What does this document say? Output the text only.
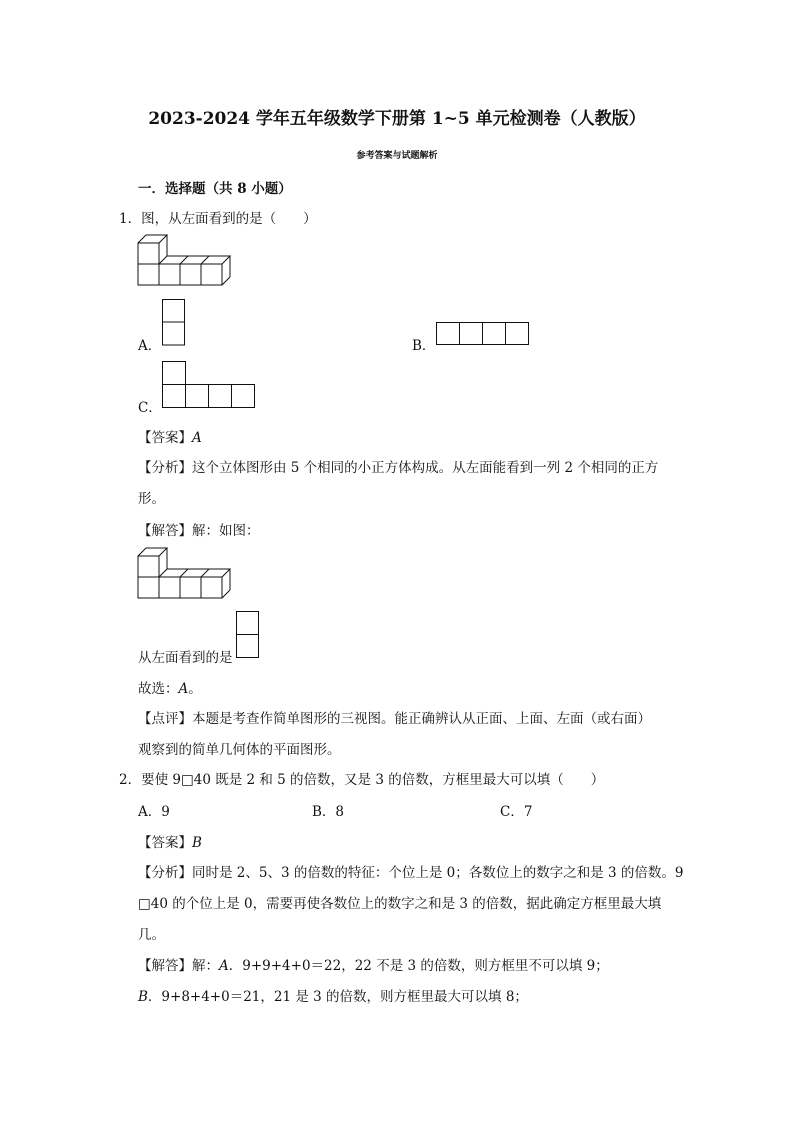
2023-2024 学年五年级数学下册第 1~5 单元检测卷（人教版）
参考答案与试题解析
一．选择题（共 8 小题）
1．图，从左面看到的是（　　）
A．	B．
C．
【答案】A
【分析】这个立体图形由 5 个相同的小正方体构成。从左面能看到一列 2 个相同的正方
形。
【解答】解：如图：
从左面看到的是
故选：A。
【点评】本题是考查作简单图形的三视图。能正确辨认从正面、上面、左面（或右面）
观察到的简单几何体的平面图形。
2．要使 9□40 既是 2 和 5 的倍数，又是 3 的倍数，方框里最大可以填（　　）
A．9	B．8	C．7
【答案】B
【分析】同时是 2、5、3 的倍数的特征：个位上是 0；各数位上的数字之和是 3 的倍数。9
□40 的个位上是 0，需要再使各数位上的数字之和是 3 的倍数，据此确定方框里最大填
几。
【解答】解：A．9+9+4+0＝22，22 不是 3 的倍数，则方框里不可以填 9；
B．9+8+4+0＝21，21 是 3 的倍数，则方框里最大可以填 8；
